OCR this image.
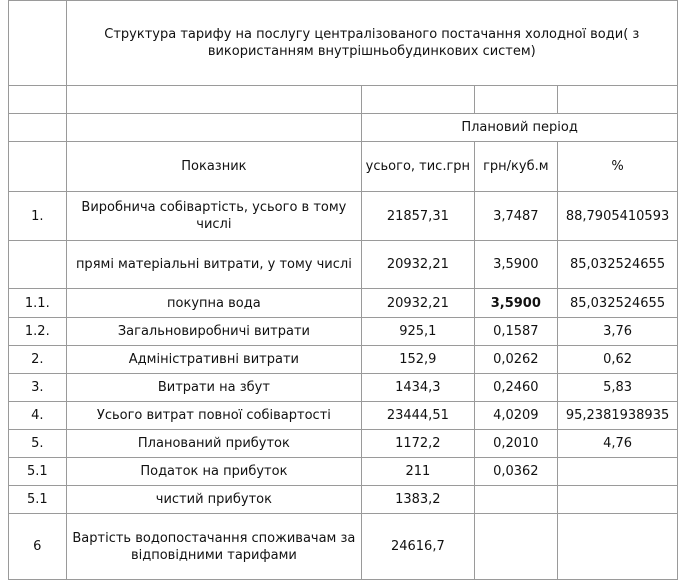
	Структура тарифу на послугу централізованого постачання холодної води( з використанням внутрішньобудинкових систем)			

		Плановий період		
	Показник	усього, тис.грн	грн/куб.м	%
1.	Виробнича собівартість, усього в тому числі	21857,31	3,7487	88,7905410593
	прямі матеріальні витрати, у тому числі	20932,21	3,5900	85,032524655
1.1.	покупна вода	20932,21	3,5900	85,032524655
1.2.	Загальновиробничі витрати	925,1	0,1587	3,76
2.	Адміністративні витрати	152,9	0,0262	0,62
3.	Витрати на збут	1434,3	0,2460	5,83
4.	Усього витрат повної собівартості	23444,51	4,0209	95,2381938935
5.	Планований прибуток	1172,2	0,2010	4,76
5.1	Податок на прибуток	211	0,0362	
5.1	чистий прибуток	1383,2		
6	Вартість водопостачання споживачам за відповідними тарифами	24616,7		
